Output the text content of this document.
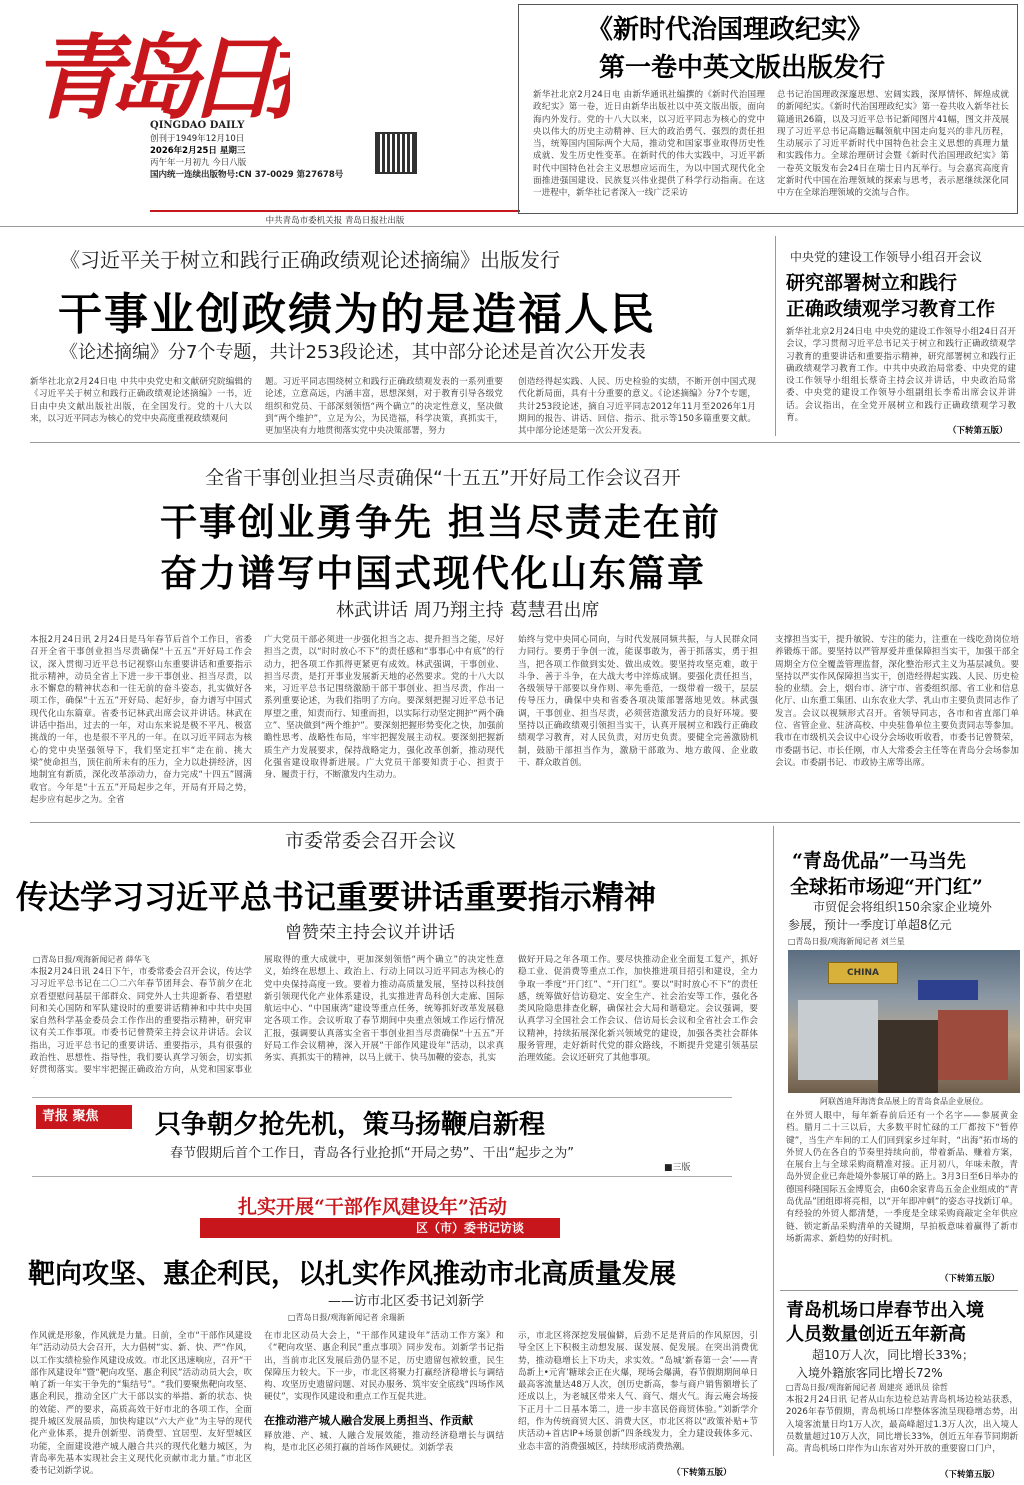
青岛日
QINGDAO DAILY
创刊于1949年12月10日
2026年2月25日 星期三
丙午年一月初九 今日八版
国内统一连续出版物号:CN 37-0029 第27678号
中共青岛市委机关报 青岛日报社出版
《新时代治国理政纪实》
第一卷中英文版出版发行
新华社北京2月24日电 由新华通讯社编撰的《新时代治国理政纪实》第一卷，近日由新华出版社以中英文版出版，面向海内外发行。党的十八大以来，以习近平同志为核心的党中央以伟大的历史主动精神、巨大的政治勇气、强烈的责任担当，统筹国内国际两个大局，推动党和国家事业取得历史性成就、发生历史性变革。在新时代的伟大实践中，习近平新时代中国特色社会主义思想应运而生，为以中国式现代化全面推进强国建设、民族复兴伟业提供了科学行动指南。在这一进程中，新华社记者深入一线广泛采访
总书记治国理政深邃思想、宏阔实践，深厚情怀、辉煌成就的新闻纪实。《新时代治国理政纪实》第一卷共收入新华社长篇通讯26篇，以及习近平总书记新闻图片41幅，图文并茂展现了习近平总书记高瞻远瞩领航中国走向复兴的非凡历程，生动展示了习近平新时代中国特色社会主义思想的真理力量和实践伟力。全球治理研讨会暨《新时代治国理政纪实》第一卷英文版发布会24日在瑞士日内瓦举行。与会嘉宾高度肯定新时代中国在治理领域的探索与思考，表示愿继续深化同中方在全球治理领域的交流与合作。
《习近平关于树立和践行正确政绩观论述摘编》出版发行
干事业创政绩为的是造福人民
《论述摘编》分7个专题，共计253段论述，其中部分论述是首次公开发表
新华社北京2月24日电 中共中央党史和文献研究院编辑的《习近平关于树立和践行正确政绩观论述摘编》一书，近日由中央文献出版社出版，在全国发行。党的十八大以来，以习近平同志为核心的党中央高度重视政绩观问
题。习近平同志围绕树立和践行正确政绩观发表的一系列重要论述，立意高远，内涵丰富，思想深刻，对于教育引导各级党组织和党员、干部深刻领悟“两个确立”的决定性意义，坚决做到“两个维护”，立足为公，为民造福，科学决策，真抓实干，更加坚决有力地贯彻落实党中央决策部署，努力
创造经得起实践、人民、历史检验的实绩，不断开创中国式现代化新局面，具有十分重要的意义。《论述摘编》分7个专题，共计253段论述，摘自习近平同志2012年11月至2026年1月期间的报告、讲话、回信、指示、批示等150多篇重要文献。其中部分论述是第一次公开发表。
中央党的建设工作领导小组召开会议
研究部署树立和践行
正确政绩观学习教育工作
新华社北京2月24日电 中央党的建设工作领导小组24日召开会议，学习贯彻习近平总书记关于树立和践行正确政绩观学习教育的重要讲话和重要指示精神，研究部署树立和践行正确政绩观学习教育工作。中共中央政治局常委、中央党的建设工作领导小组组长蔡奇主持会议并讲话，中央政治局常委、中央党的建设工作领导小组副组长李希出席会议并讲话。会议指出，在全党开展树立和践行正确政绩观学习教育。
（下转第五版）
全省干事创业担当尽责确保“十五五”开好局工作会议召开
干事创业勇争先 担当尽责走在前
奋力谱写中国式现代化山东篇章
林武讲话 周乃翔主持 葛慧君出席
本报2月24日讯 2月24日是马年春节后首个工作日，省委召开全省干事创业担当尽责确保“十五五”开好局工作会议，深入贯彻习近平总书记视察山东重要讲话和重要指示批示精神，动员全省上下进一步干事创业、担当尽责，以永不懈怠的精神状态和一往无前的奋斗姿态，扎实做好各项工作，确保“十五五”开好局、起好步，奋力谱写中国式现代化山东篇章。省委书记林武出席会议并讲话。林武在讲话中指出，过去的一年，对山东来说是极不平凡、极富挑战的一年，也是很不平凡的一年。在以习近平同志为核心的党中央坚强领导下，我们坚定扛牢“走在前、挑大梁”使命担当，顶住前所未有的压力，全力以赴拼经济，因地制宜有新质，深化改革添动力，奋力完成“十四五”圆满收官。今年是“十五五”开局起步之年，开局有开局之势，起步应有起步之为。全省
广大党员干部必须进一步强化担当之志、提升担当之能，尽好担当之责，以“时时放心不下”的责任感和“事事心中有底”的行动力，把各项工作抓得更紧更有成效。林武强调，干事创业、担当尽责，是打开事业发展新天地的必然要求。党的十八大以来，习近平总书记围绕激励干部干事创业、担当尽责，作出一系列重要论述，为我们指明了方向。要深刻把握习近平总书记厚望之重，知责而行、知重而担，以实际行动坚定拥护“两个确立”、坚决做到“两个维护”。要深刻把握形势变化之快，加强前瞻性思考、战略性布局，牢牢把握发展主动权。要深刻把握新质生产力发展要求，保持战略定力，强化改革创新，推动现代化强省建设取得新进展。广大党员干部要知责于心、担责于身、履责于行，不断激发内生动力。
始终与党中央同心同向，与时代发展同频共振，与人民群众同力同行。要勇于争创一流，能谋事敢为，善于抓落实，勇于担当，把各项工作做到实处、做出成效。要坚持攻坚克难，敢于斗争、善于斗争，在大战大考中淬炼成钢。要强化责任担当，各级领导干部要以身作则、率先垂范，一级带着一级干，层层传导压力，确保中央和省委各项决策部署落地见效。林武强调，干事创业、担当尽责，必须营造激发活力的良好环境。要坚持以正确政绩观引领担当实干，认真开展树立和践行正确政绩观学习教育，对人民负责，对历史负责。要健全完善激励机制，鼓励干部担当作为，激励干部敢为、地方敢闯、企业敢干、群众敢首创。
支撑担当实干，提升敏锐、专注的能力，注重在一线吃劲岗位培养锻炼干部。要坚持以严管厚爱并重保障担当实干，加强干部全周期全方位全覆盖管理监督，深化整治形式主义为基层减负。要坚持以严实作风保障担当实干，创造经得起实践、人民、历史检验的业绩。会上，烟台市、济宁市、省委组织部、省工业和信息化厅、山东重工集团、山东农业大学、乳山市主要负责同志作了发言。会议以视频形式召开。省领导同志，各市和省直部门单位、省管企业、驻济高校、中央驻鲁单位主要负责同志等参加。我市在市级机关会议中心设分会场收听收看，市委书记曾赞荣，市委副书记、市长任刚，市人大常委会主任等在青岛分会场参加会议。市委副书记、市政协主席等出席。
市委常委会召开会议
传达学习习近平总书记重要讲话重要指示精神
曾赞荣主持会议并讲话
□青岛日报/观海新闻记者 薛华飞
本报2月24日讯 24日下午，市委常委会召开会议，传达学习习近平总书记在二〇二六年春节团拜会、春节前夕在北京看望慰问基层干部群众、同党外人士共迎新春、看望慰问和关心国防和军队建设时的重要讲话精神和中共中央国家自然科学基金委员会工作作出的重要指示精神，研究审议有关工作事项。市委书记曾赞荣主持会议并讲话。会议指出，习近平总书记的重要讲话、重要指示，具有很强的政治性、思想性、指导性，我们要认真学习领会，切实抓好贯彻落实。要牢牢把握正确政治方向，从党和国家事业
展取得的重大成就中，更加深刻领悟“两个确立”的决定性意义，始终在思想上、政治上、行动上同以习近平同志为核心的党中央保持高度一致。要着力推动高质量发展，坚持以科技创新引领现代化产业体系建设，扎实推进青岛科创大走廊、国际航运中心、“中国康湾”建设等重点任务，统筹抓好改革发展稳定各项工作。会议听取了春节期间中央重点领域工作运行情况汇报，强调要认真落实全省干事创业担当尽责确保“十五五”开好局工作会议精神，深入开展“干部作风建设年”活动，以求真务实、真抓实干的精神，以马上就干、快马加鞭的姿态，扎实
做好开局之年各项工作。要尽快推动企业全面复工复产，抓好稳工业、促消费等重点工作，加快推进项目招引和建设，全力争取一季度“开门红”、“开门红”。要以“时时放心不下”的责任感，统筹做好信访稳定、安全生产、社会治安等工作，强化各类风险隐患排查化解，确保社会大局和谐稳定。会议强调，要认真学习全国社会工作会议、信访局长会议和全省社会工作会议精神，持续拓展深化新兴领域党的建设，加强各类社会群体服务管理，走好新时代党的群众路线，不断提升党建引领基层治理效能。会议还研究了其他事项。
“青岛优品”一马当先
全球拓市场迎“开门红”
市贸促会将组织150余家企业境外
参展，预计一季度订单超8亿元
□青岛日报/观海新闻记者 刘兰星
CHINA
阿联酋迪拜海湾食品展上的青岛食品企业展位。
在外贸人眼中，每年新春前后还有一个名字——参展黄金档。腊月二十三以后，大多数平时忙碌的工厂都按下“暂停键”，当生产车间的工人们回到家乡过年时，“出海”拓市场的外贸人仍在各自的节奏里持续向前，带着新品、赚着方案，在展台上与全球采购商精准对接。正月初八，年味未散，青岛外贸企业已奔赴境外参展订单的路上。3月3日至6日举办的德国科隆国际五金博览会，由60余家青岛五金企业组成的“青岛优品”团组即将亮相，以“开年即冲刺”的姿态寻找新订单。有经验的外贸人都清楚，一季度是全球采购商敲定全年供应链、锁定新品采购清单的关键期，早拍板意味着赢得了新市场新需求、新趋势的好时机。
（下转第五版）
青报 聚焦	只争朝夕抢先机，策马扬鞭启新程
春节假期后首个工作日，青岛各行业抢抓“开局之势”、干出“起步之为”
■三版
扎实开展“干部作风建设年”活动
区（市）委书记访谈
靶向攻坚、惠企利民，以扎实作风推动市北高质量发展
——访市北区委书记刘新学
□青岛日报/观海新闻记者 余瑞新
作风就是形象，作风就是力量。日前，全市“干部作风建设年”活动动员大会召开，大力倡树“实、新、快、严“作风，以工作实绩检验作风建设成效。市北区迅速响应，召开“干部作风建设年”暨“靶向攻坚、惠企利民”活动动员大会，吹响了新一年实干争先的“集结号”。“我们要聚焦靶向攻坚、惠企利民，推动全区广大干部以实的举措、新的状态、快的效能、严的要求，高质高效干好市北的各项工作，全面提升城区发展品质，加快构建以“六大产业”为主导的现代化产业体系，提升创新型、消费型、宜居型、友好型城区功能，全面建设港产城人融合共兴的现代化魅力城区，为青岛率先基本实现社会主义现代化贡献市北力量。”市北区委书记刘新学说。
在市北区动员大会上，“干部作风建设年”活动工作方案》和《“靶向攻坚、惠企利民”重点事项》同步发布。刘新学书记指出，当前市北区发展后劲仍显不足，历史遗留包袱较重，民生保障压力较大。下一步，市北区将聚力打赢经济稳增长与调结构、攻坚历史遗留问题、对民办服务、筑牢安全底线“四场作风硬仗”，实现作风建设和重点工作互促共进。
在推动港产城人融合发展上勇担当、作贡献
释放港、产、城、人融合发展效能，推动经济稳增长与调结构，是市北区必须打赢的首场作风硬仗。刘新学表
示，市北区将深挖发展偏僻，后劲不足是背后的作风原因，引导全区上下积极主动想发展、谋发展、促发展。在突出消费优势，推动稳增长上下功夫，求实效。“岛城‘新春第一会’——青岛新上•元宵’糖球会正在火爆，现场会爆满，春节假期期间单日最高客流量达48万人次，创历史新高，参与商户销售额增长了还成以上，为老城区带来人气、商气、烟火气。海云庵会场接下正月十二日基本第二，进一步丰富民俗商贸体验。”刘新学介绍，作为传统商贸大区、消费大区，市北区将以“政策补贴+节庆活动+首店IP+场景创新”四条线发力，全力建设载体多元、业态丰富的消费强城区，持续形成消费热潮。
（下转第五版）
青岛机场口岸春节出入境
人员数量创近五年新高
超10万人次，同比增长33%；
入境外籍旅客同比增长72%
□青岛日报/观海新闻记者 周建亮 通讯员 徐哲
本报2月24日讯 记者从山东边检总站青岛机场边检站获悉，2026年春节假期，青岛机场口岸整体客流呈现稳增态势，出入境客流量日均1万人次，最高峰超过1.3万人次，出入境人员数量超过10万人次，同比增长33%，创近五年春节同期新高。青岛机场口岸作为山东省对外开放的重要窗口门户，
（下转第五版）
